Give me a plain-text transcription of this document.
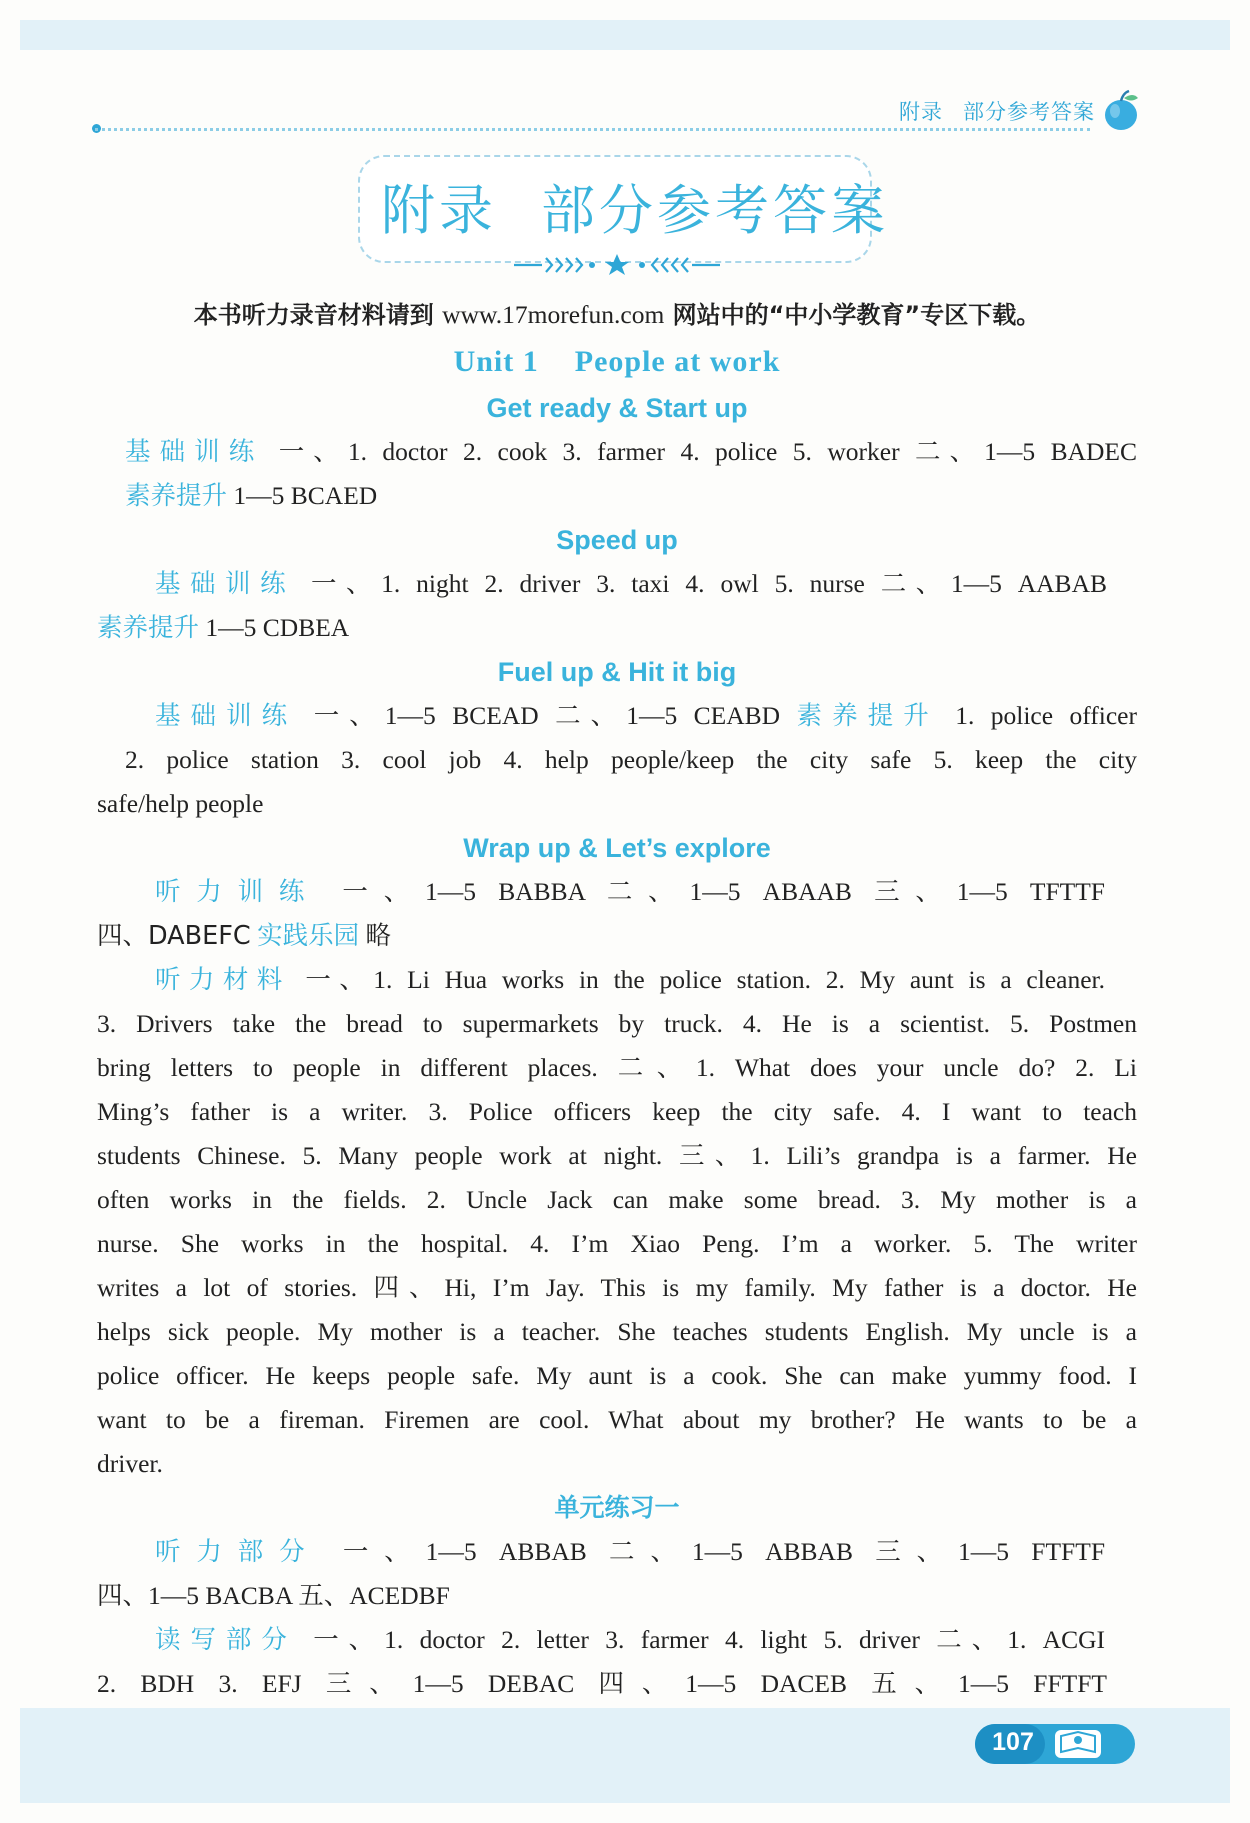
附录 部分参考答案
附录 部分参考答案
本书听力录音材料请到 www.17morefun.com 网站中的“中小学教育”专区下载。
Unit 1 People at work
Get ready & Start up
基础训练 一、1. doctor 2. cook 3. farmer 4. police 5. worker 二、1—5 BADEC
素养提升 1—5 BCAED
Speed up
基础训练 一、1. night 2. driver 3. taxi 4. owl 5. nurse 二、1—5 AABAB
素养提升 1—5 CDBEA
Fuel up & Hit it big
基础训练 一、1—5 BCEAD 二、1—5 CEABD 素养提升 1. police officer
2. police station 3. cool job 4. help people/keep the city safe 5. keep the city
safe/help people
Wrap up & Let’s explore
听力训练 一、1—5 BABBA 二、1—5 ABAAB 三、1—5 TFTTF
四、DABEFC 实践乐园 略
听力材料 一、1. Li Hua works in the police station. 2. My aunt is a cleaner.
3. Drivers take the bread to supermarkets by truck. 4. He is a scientist. 5. Postmen
bring letters to people in different places. 二、1. What does your uncle do? 2. Li
Ming’s father is a writer. 3. Police officers keep the city safe. 4. I want to teach
students Chinese. 5. Many people work at night. 三、1. Lili’s grandpa is a farmer. He
often works in the fields. 2. Uncle Jack can make some bread. 3. My mother is a
nurse. She works in the hospital. 4. I’m Xiao Peng. I’m a worker. 5. The writer
writes a lot of stories. 四、Hi, I’m Jay. This is my family. My father is a doctor. He
helps sick people. My mother is a teacher. She teaches students English. My uncle is a
police officer. He keeps people safe. My aunt is a cook. She can make yummy food. I
want to be a fireman. Firemen are cool. What about my brother? He wants to be a
driver.
单元练习一
听力部分 一、1—5 ABBAB 二、1—5 ABBAB 三、1—5 FTFTF
四、1—5 BACBA 五、ACEDBF
读写部分 一、1. doctor 2. letter 3. farmer 4. light 5. driver 二、1. ACGI
2. BDH 3. EFJ 三、1—5 DEBAC 四、1—5 DACEB 五、1—5 FFTFT
107
